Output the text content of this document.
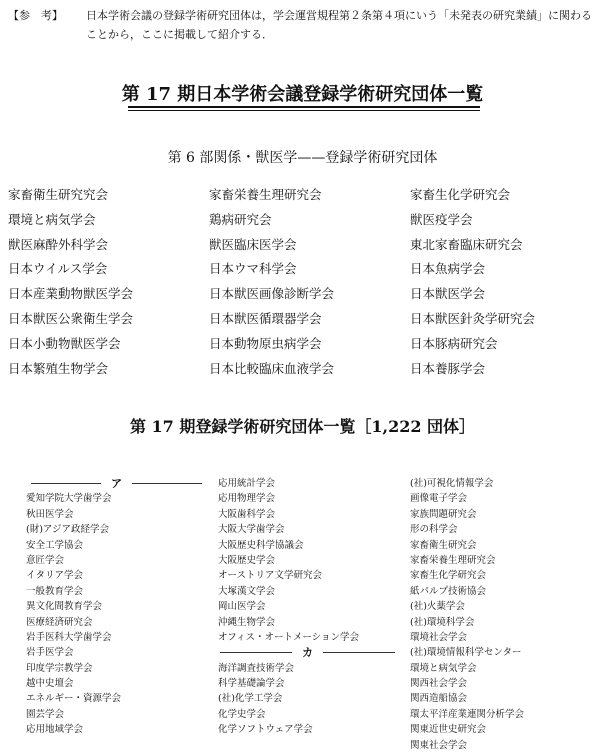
【参　考】 日本学術会議の登録学術研究団体は，学会運営規程第２条第４項にいう「未発表の研究業績」に関わることから，ここに掲載して紹介する．
第 17 期日本学術会議登録学術研究団体一覧
第 6 部関係・獣医学——登録学術研究団体
家畜衛生研究究会	家畜栄養生理研究会	家畜生化学研究会
環境と病気学会	鶏病研究会	獣医疫学会
獣医麻酔外科学会	獣医臨床医学会	東北家畜臨床研究会
日本ウイルス学会	日本ウマ科学会	日本魚病学会
日本産業動物獣医学会	日本獣医画像診断学会	日本獣医学会
日本獣医公衆衛生学会	日本獣医循環器学会	日本獣医針灸学研究会
日本小動物獣医学会	日本動物原虫病学会	日本豚病研究会
日本繁殖生物学会	日本比較臨床血液学会	日本養豚学会
第 17 期登録学術研究団体一覧［1,222 団体］
ア
愛知学院大学歯学会
秋田医学会
(財)アジア政経学会
安全工学協会
意匠学会
イタリア学会
一般教育学会
異文化間教育学会
医療経済研究会
岩手医科大学歯学会
岩手医学会
印度学宗教学会
越中史壇会
エネルギー・資源学会
園芸学会
応用地域学会
応用統計学会
応用物理学会
大阪歯科学会
大阪大学歯学会
大阪歴史科学協議会
大阪歴史学会
オーストリア文学研究会
大塚漢文学会
岡山医学会
沖縄生物学会
オフィス・オートメーション学会
カ
海洋調査技術学会
科学基礎論学会
(社)化学工学会
化学史学会
化学ソフトウェア学会
(社)可視化情報学会
画像電子学会
家族問題研究会
形の科学会
家畜衛生研究会
家畜栄養生理研究会
家畜生化学研究会
紙パルプ技術協会
(社)火薬学会
(社)環境科学会
環境社会学会
(社)環境情報科学センター
環境と病気学会
関西社会学会
関西造船協会
環太平洋産業連関分析学会
関東近世史研究会
関東社会学会
